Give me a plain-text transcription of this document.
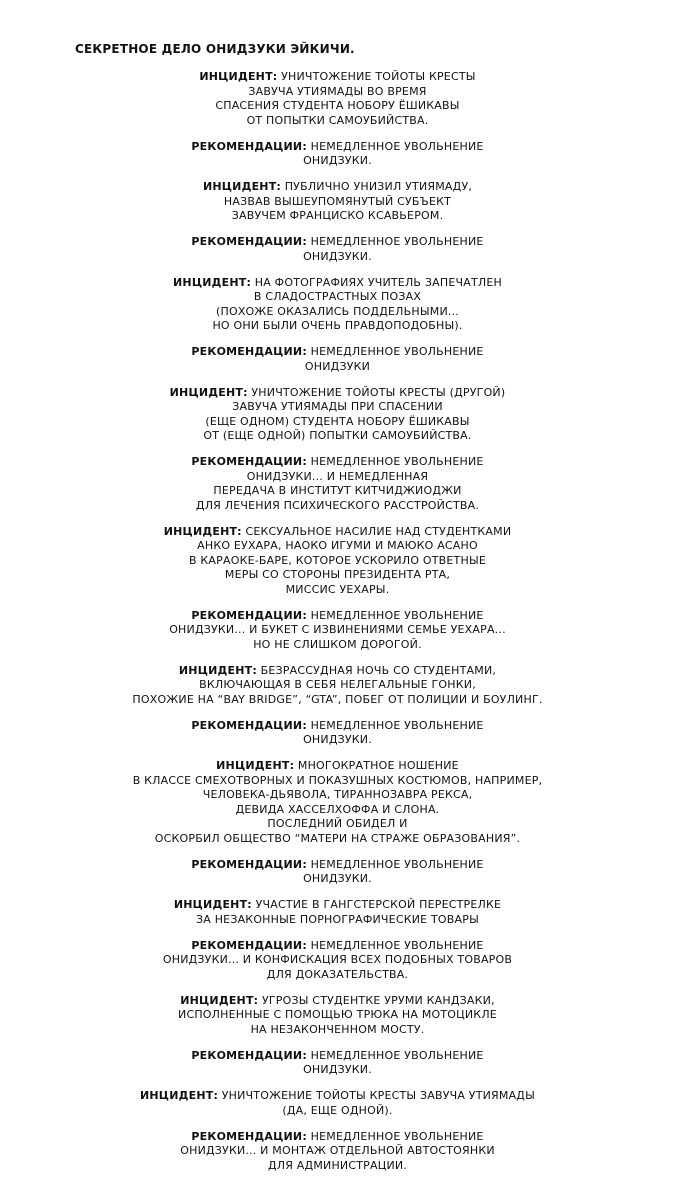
СЕКРЕТНОЕ ДЕЛО ОНИДЗУКИ ЭЙКИЧИ.
ИНЦИДЕНТ: УНИЧТОЖЕНИЕ ТОЙОТЫ КРЕСТЫ
ЗАВУЧА УТИЯМАДЫ ВО ВРЕМЯ
СПАСЕНИЯ СТУДЕНТА НОБОРУ ЁШИКАВЫ
ОТ ПОПЫТКИ САМОУБИЙСТВА.
РЕКОМЕНДАЦИИ: НЕМЕДЛЕННОЕ УВОЛЬНЕНИЕ
ОНИДЗУКИ.
ИНЦИДЕНТ: ПУБЛИЧНО УНИЗИЛ УТИЯМАДУ,
НАЗВАВ ВЫШЕУПОМЯНУТЫЙ СУБЪЕКТ
ЗАВУЧЕМ ФРАНЦИСКО КСАВЬЕРОМ.
РЕКОМЕНДАЦИИ: НЕМЕДЛЕННОЕ УВОЛЬНЕНИЕ
ОНИДЗУКИ.
ИНЦИДЕНТ: НА ФОТОГРАФИЯХ УЧИТЕЛЬ ЗАПЕЧАТЛЕН
В СЛАДОСТРАСТНЫХ ПОЗАХ
(ПОХОЖЕ ОКАЗАЛИСЬ ПОДДЕЛЬНЫМИ...
НО ОНИ БЫЛИ ОЧЕНЬ ПРАВДОПОДОБНЫ).
РЕКОМЕНДАЦИИ: НЕМЕДЛЕННОЕ УВОЛЬНЕНИЕ
ОНИДЗУКИ
ИНЦИДЕНТ: УНИЧТОЖЕНИЕ ТОЙОТЫ КРЕСТЫ (ДРУГОЙ)
ЗАВУЧА УТИЯМАДЫ ПРИ СПАСЕНИИ
(ЕЩЕ ОДНОМ) СТУДЕНТА НОБОРУ ЁШИКАВЫ
ОТ (ЕЩЕ ОДНОЙ) ПОПЫТКИ САМОУБИЙСТВА.
РЕКОМЕНДАЦИИ: НЕМЕДЛЕННОЕ УВОЛЬНЕНИЕ
ОНИДЗУКИ... И НЕМЕДЛЕННАЯ
ПЕРЕДАЧА В ИНСТИТУТ КИТЧИДЖИОДЖИ
ДЛЯ ЛЕЧЕНИЯ ПСИХИЧЕСКОГО РАССТРОЙСТВА.
ИНЦИДЕНТ: СЕКСУАЛЬНОЕ НАСИЛИЕ НАД СТУДЕНТКАМИ
АНКО ЕУХАРА, НАОКО ИГУМИ И МАЮКО АСАНО
В КАРАОКЕ-БАРЕ, КОТОРОЕ УСКОРИЛО ОТВЕТНЫЕ
МЕРЫ СО СТОРОНЫ ПРЕЗИДЕНТА РТА,
МИССИС УЕХАРЫ.
РЕКОМЕНДАЦИИ: НЕМЕДЛЕННОЕ УВОЛЬНЕНИЕ
ОНИДЗУКИ... И БУКЕТ С ИЗВИНЕНИЯМИ СЕМЬЕ УЕХАРА...
НО НЕ СЛИШКОМ ДОРОГОЙ.
ИНЦИДЕНТ: БЕЗРАССУДНАЯ НОЧЬ СО СТУДЕНТАМИ,
ВКЛЮЧАЮЩАЯ В СЕБЯ НЕЛЕГАЛЬНЫЕ ГОНКИ,
ПОХОЖИЕ НА “BAY BRIDGE”, “GTA”, ПОБЕГ ОТ ПОЛИЦИИ И БОУЛИНГ.
РЕКОМЕНДАЦИИ: НЕМЕДЛЕННОЕ УВОЛЬНЕНИЕ
ОНИДЗУКИ.
ИНЦИДЕНТ: МНОГОКРАТНОЕ НОШЕНИЕ
В КЛАССЕ СМЕХОТВОРНЫХ И ПОКАЗУШНЫХ КОСТЮМОВ, НАПРИМЕР,
ЧЕЛОВЕКА-ДЬЯВОЛА, ТИРАННОЗАВРА РЕКСА,
ДЕВИДА ХАССЕЛХОФФА И СЛОНА.
ПОСЛЕДНИЙ ОБИДЕЛ И
ОСКОРБИЛ ОБЩЕСТВО “МАТЕРИ НА СТРАЖЕ ОБРАЗОВАНИЯ”.
РЕКОМЕНДАЦИИ: НЕМЕДЛЕННОЕ УВОЛЬНЕНИЕ
ОНИДЗУКИ.
ИНЦИДЕНТ: УЧАСТИЕ В ГАНГСТЕРСКОЙ ПЕРЕСТРЕЛКЕ
ЗА НЕЗАКОННЫЕ ПОРНОГРАФИЧЕСКИЕ ТОВАРЫ
РЕКОМЕНДАЦИИ: НЕМЕДЛЕННОЕ УВОЛЬНЕНИЕ
ОНИДЗУКИ... И КОНФИСКАЦИЯ ВСЕХ ПОДОБНЫХ ТОВАРОВ
ДЛЯ ДОКАЗАТЕЛЬСТВА.
ИНЦИДЕНТ: УГРОЗЫ СТУДЕНТКЕ УРУМИ КАНДЗАКИ,
ИСПОЛНЕННЫЕ С ПОМОЩЬЮ ТРЮКА НА МОТОЦИКЛЕ
НА НЕЗАКОНЧЕННОМ МОСТУ.
РЕКОМЕНДАЦИИ: НЕМЕДЛЕННОЕ УВОЛЬНЕНИЕ
ОНИДЗУКИ.
ИНЦИДЕНТ: УНИЧТОЖЕНИЕ ТОЙОТЫ КРЕСТЫ ЗАВУЧА УТИЯМАДЫ
(ДА, ЕЩЕ ОДНОЙ).
РЕКОМЕНДАЦИИ: НЕМЕДЛЕННОЕ УВОЛЬНЕНИЕ
ОНИДЗУКИ... И МОНТАЖ ОТДЕЛЬНОЙ АВТОСТОЯНКИ
ДЛЯ АДМИНИСТРАЦИИ.
